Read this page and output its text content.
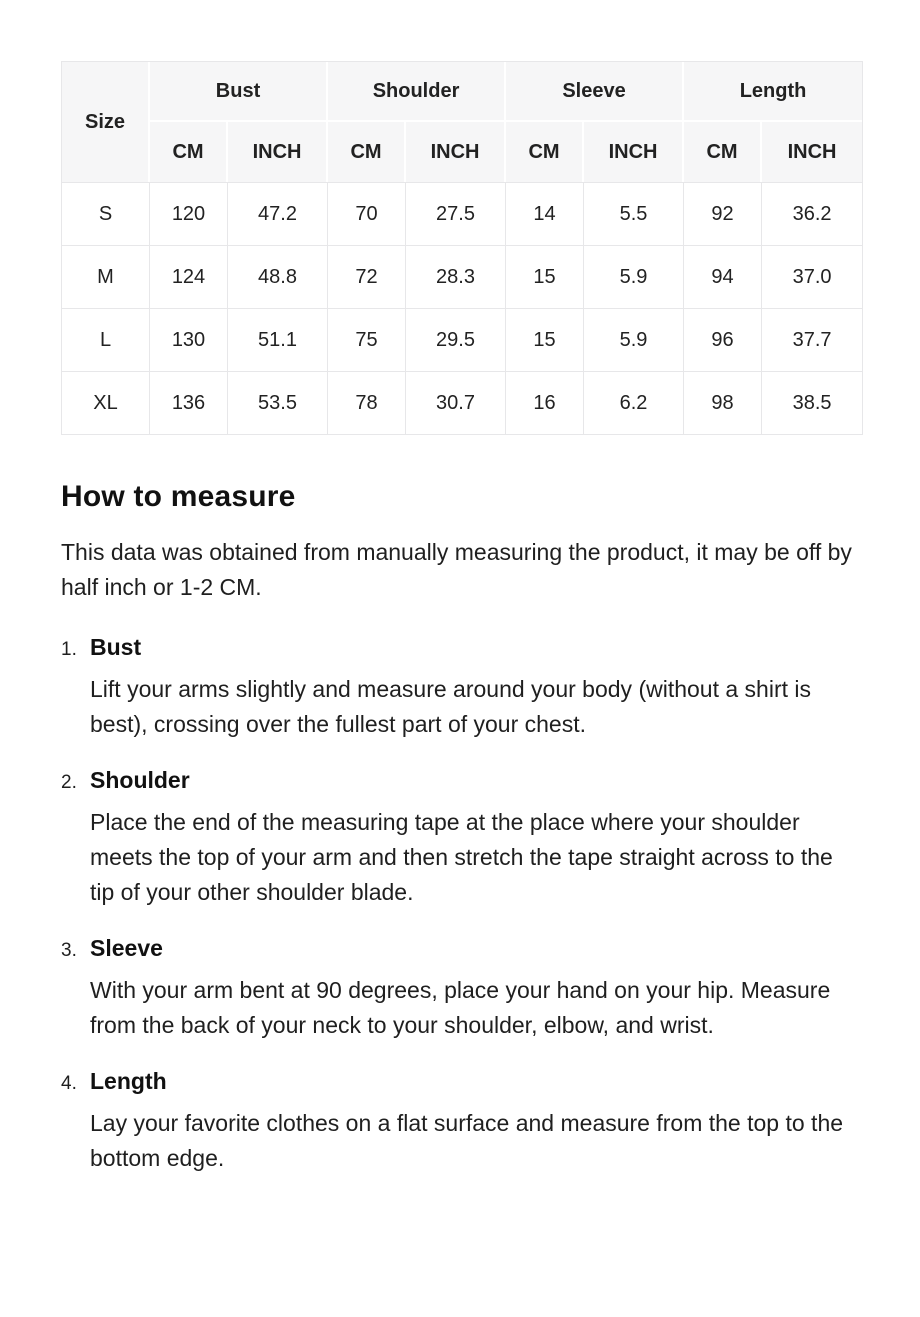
Size	Bust		Shoulder		Sleeve		Length	
	CM	INCH	CM	INCH	CM	INCH	CM	INCH
S	120	47.2	70	27.5	14	5.5	92	36.2
M	124	48.8	72	28.3	15	5.9	94	37.0
L	130	51.1	75	29.5	15	5.9	96	37.7
XL	136	53.5	78	30.7	16	6.2	98	38.5
How to measure

This data was obtained from manually measuring the product, it may be off by half inch or 1-2 CM.

1. Bust

Lift your arms slightly and measure around your body (without a shirt is best), crossing over the fullest part of your chest.

2. Shoulder

Place the end of the measuring tape at the place where your shoulder meets the top of your arm and then stretch the tape straight across to the tip of your other shoulder blade.

3. Sleeve

With your arm bent at 90 degrees, place your hand on your hip. Measure from the back of your neck to your shoulder, elbow, and wrist.

4. Length

Lay your favorite clothes on a flat surface and measure from the top to the bottom edge.
